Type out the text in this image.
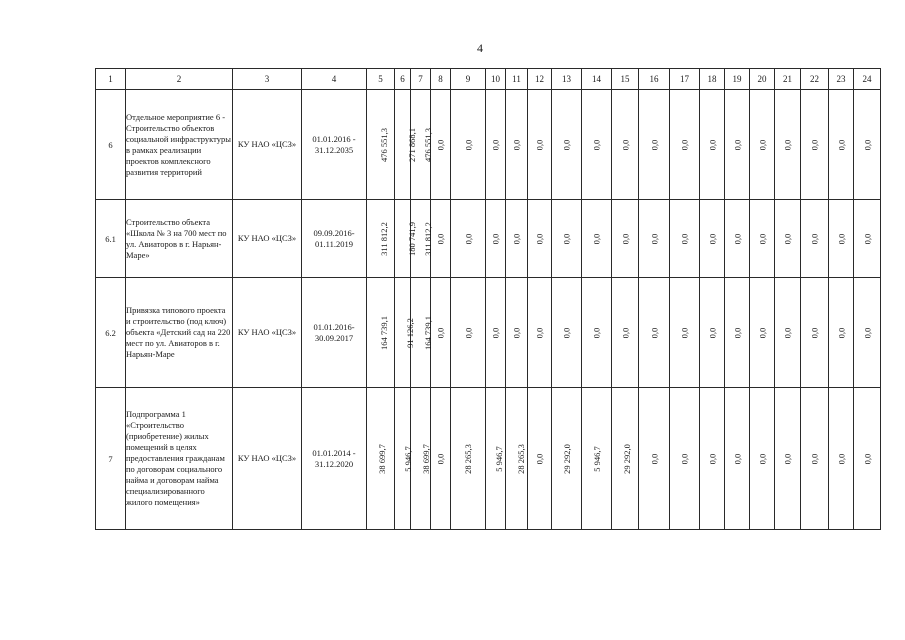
4
1	2	3	4	5	6	7	8	9	10	11	12	13	14	15	16	17	18	19	20	21	22	23	24
6	Отдельное мероприятие 6 - Строительство объектов социальной инфраструктуры в рамках реализации проектов комплексного развития территорий	КУ НАО «ЦСЗ»	01.01.2016 - 31.12.2035	476 551,3	271 868,1	476 551,3	0,0	0,0	0,0	0,0	0,0	0,0	0,0	0,0	0,0	0,0	0,0	0,0	0,0	0,0	0,0	0,0	0,0
6.1	Строительство объекта «Школа № 3 на 700 мест по ул. Авиаторов в г. Нарьян-Маре»	КУ НАО «ЦСЗ»	09.09.2016- 01.11.2019	311 812,2	180 741,9	311 812,2	0,0	0,0	0,0	0,0	0,0	0,0	0,0	0,0	0,0	0,0	0,0	0,0	0,0	0,0	0,0	0,0	0,0
6.2	Привязка типового проекта и строительство (под ключ) объекта «Детский сад на 220 мест по ул. Авиаторов в г. Нарьян-Маре	КУ НАО «ЦСЗ»	01.01.2016- 30.09.2017	164 739,1	91 126,2	164 739,1	0,0	0,0	0,0	0,0	0,0	0,0	0,0	0,0	0,0	0,0	0,0	0,0	0,0	0,0	0,0	0,0	0,0
7	Подпрограмма 1 «Строительство (приобретение) жилых помещений в целях предоставления гражданам по договорам социального найма и договорам найма специализированного жилого помещения»	КУ НАО «ЦСЗ»	01.01.2014 - 31.12.2020	38 699,7	5 946,7	38 699,7	0,0	28 265,3	5 946,7	28 265,3	0,0	29 292,0	5 946,7	29 292,0	0,0	0,0	0,0	0,0	0,0	0,0	0,0	0,0	0,0
